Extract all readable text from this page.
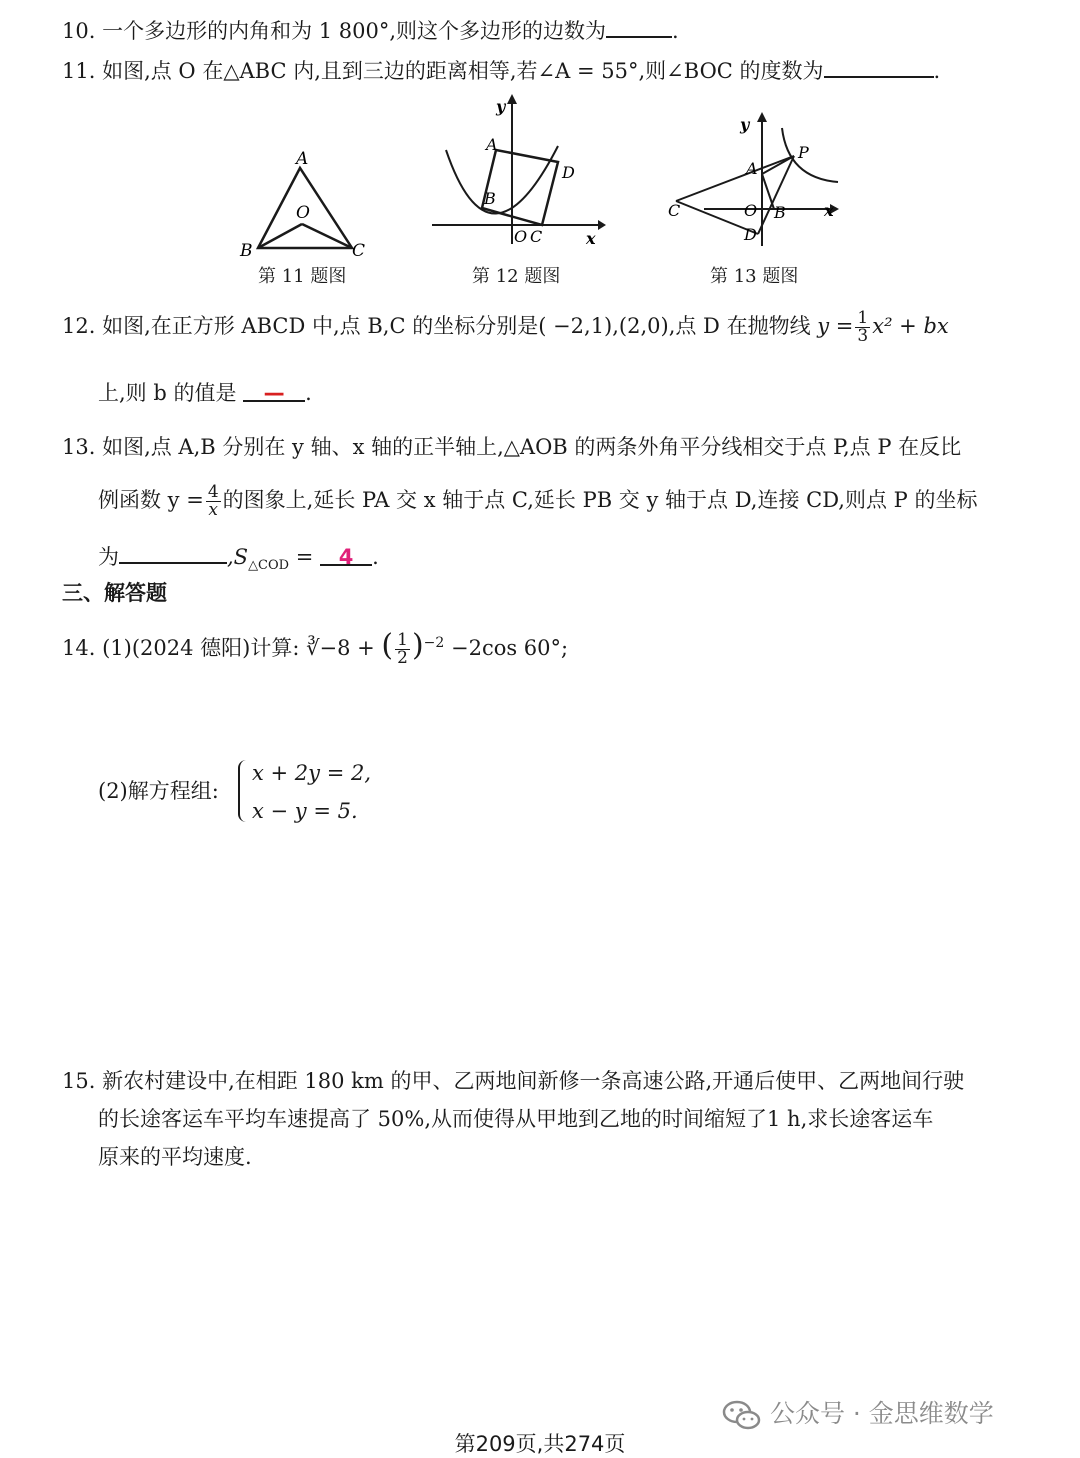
10. 一个多边形的内角和为 1 800°,则这个多边形的边数为	.
11. 如图,点 O 在△ABC 内,且到三边的距离相等,若∠A = 55°,则∠BOC 的度数为	.
A
O
B	C
第 11 题图
y
A
D
B
O C	x
第 12 题图
y
P
A
C	O B x
D
第 13 题图
12. 如图,在正方形 ABCD 中,点 B,C 的坐标分别是( −2,1),(2,0),点 D 在抛物线 $y = \frac{1}{3} x^2$ + bx
上,则 b 的值是 — .
13. 如图,点 A,B 分别在 y 轴、x 轴的正半轴上,△AOB 的两条外角平分线相交于点 P,点 P 在反比
例函数 $y = \frac{4}{x}$ 的图象上,延长 PA 交 x 轴于点 C,延长 PB 交 y 轴于点 D,连接 CD,则点 P 的坐标
为	$,S_{\triangle COD} = 4$ .
三、解答题
14. (1)(2024 德阳)计算: ∛−8 + ( $\frac{1}{2} )^{-2} -2\cos$ 60°;
(2)解方程组:
x + 2y = 2,
x − y = 5.
15. 新农村建设中,在相距 180 km 的甲、乙两地间新修一条高速公路,开通后使甲、乙两地间行驶
的长途客运车平均车速提高了 50%,从而使得从甲地到乙地的时间缩短了1 h,求长途客运车
原来的平均速度.
公众号 · 金思维数学
第209页,共274页
